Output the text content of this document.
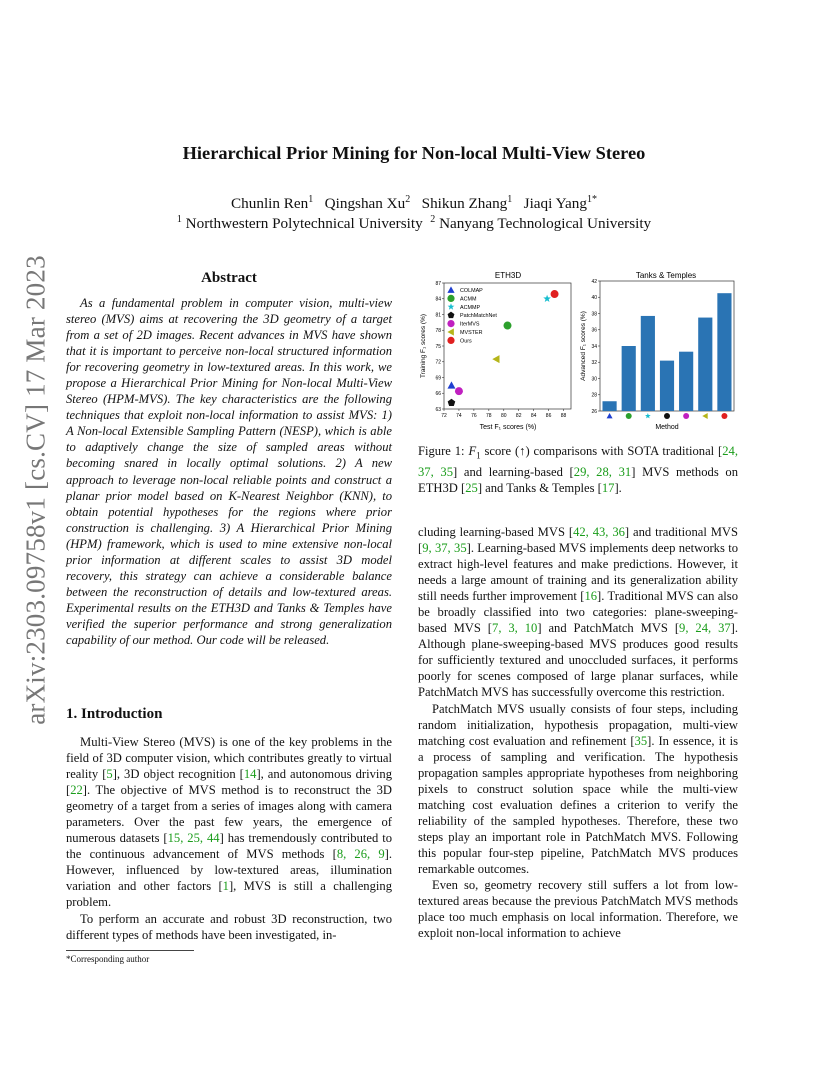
arXiv:2303.09758v1 [cs.CV] 17 Mar 2023
Hierarchical Prior Mining for Non-local Multi-View Stereo
Chunlin Ren$^1$ Qingshan Xu$^2$ Shikun Zhang$^1$ Jiaqi Yang$^{1*}$
$^1$ Northwestern Polytechnical University $^2$ Nanyang Technological University
Abstract

As a fundamental problem in computer vision, multi-view stereo (MVS) aims at recovering the 3D geometry of a target from a set of 2D images. Recent advances in MVS have shown that it is important to perceive non-local structured information for recovering geometry in low-textured areas. In this work, we propose a Hierarchical Prior Mining for Non-local Multi-View Stereo (HPM-MVS). The key characteristics are the following techniques that exploit non-local information to assist MVS: 1) A Non-local Extensible Sampling Pattern (NESP), which is able to adaptively change the size of sampled areas without becoming snared in locally optimal solutions. 2) A new approach to leverage non-local reliable points and construct a planar prior model based on K-Nearest Neighbor (KNN), to obtain potential hypotheses for the regions where prior construction is challenging. 3) A Hierarchical Prior Mining (HPM) framework, which is used to mine extensive non-local prior information at different scales to assist 3D model recovery, this strategy can achieve a considerable balance between the reconstruction of details and low-textured areas. Experimental results on the ETH3D and Tanks & Temples have verified the superior performance and strong generalization capability of our method. Our code will be released.

1. Introduction

Multi-View Stereo (MVS) is one of the key problems in the field of 3D computer vision, which contributes greatly to virtual reality [5], 3D object recognition [14], and autonomous driving [22]. The objective of MVS method is to reconstruct the 3D geometry of a target from a series of images along with camera parameters. Over the past few years, the emergence of numerous datasets [15, 25, 44] has tremendously contributed to the continuous advancement of MVS methods [8, 26, 9]. However, influenced by low-textured areas, illumination variation and other factors [1], MVS is still a challenging problem.

To perform an accurate and robust 3D reconstruction, two different types of methods have been investigated, in-

*Corresponding author
ETH3D
72 74 76 78 80 82 84 86 88
63
66
69
72
75
78
81
84
87
COLMAP
ACMM
ACMMP
PatchMatchNet
IterMVS
MVSTER
Ours
Test F₁ scores (%)
Training F₁ scores (%)
Tanks & Temples
26
28
30
32
34
36
38
40
42
Method
Advanced F₁ scores (%)
Figure 1: $F_1$ score (↑) comparisons with SOTA traditional [24, 37, 35] and learning-based [29, 28, 31] MVS methods on ETH3D [25] and Tanks & Temples [17].

cluding learning-based MVS [42, 43, 36] and traditional MVS [9, 37, 35]. Learning-based MVS implements deep networks to extract high-level features and make predictions. However, it needs a large amount of training and its generalization ability still needs further improvement [16]. Traditional MVS can also be broadly classified into two categories: plane-sweeping-based MVS [7, 3, 10] and PatchMatch MVS [9, 24, 37]. Although plane-sweeping-based MVS produces good results for sufficiently textured and unoccluded surfaces, it performs poorly for scenes composed of large planar surfaces, while PatchMatch MVS has successfully overcome this restriction.

PatchMatch MVS usually consists of four steps, including random initialization, hypothesis propagation, multi-view matching cost evaluation and refinement [35]. In essence, it is a process of sampling and verification. The hypothesis propagation samples appropriate hypotheses from neighboring pixels to construct solution space while the multi-view matching cost evaluation defines a criterion to verify the reliability of the sampled hypotheses. Therefore, these two steps play an important role in PatchMatch MVS. Following this popular four-step pipeline, PatchMatch MVS produces remarkable outcomes.

Even so, geometry recovery still suffers a lot from low-textured areas because the previous PatchMatch MVS methods place too much emphasis on local information. Therefore, we exploit non-local information to achieve
